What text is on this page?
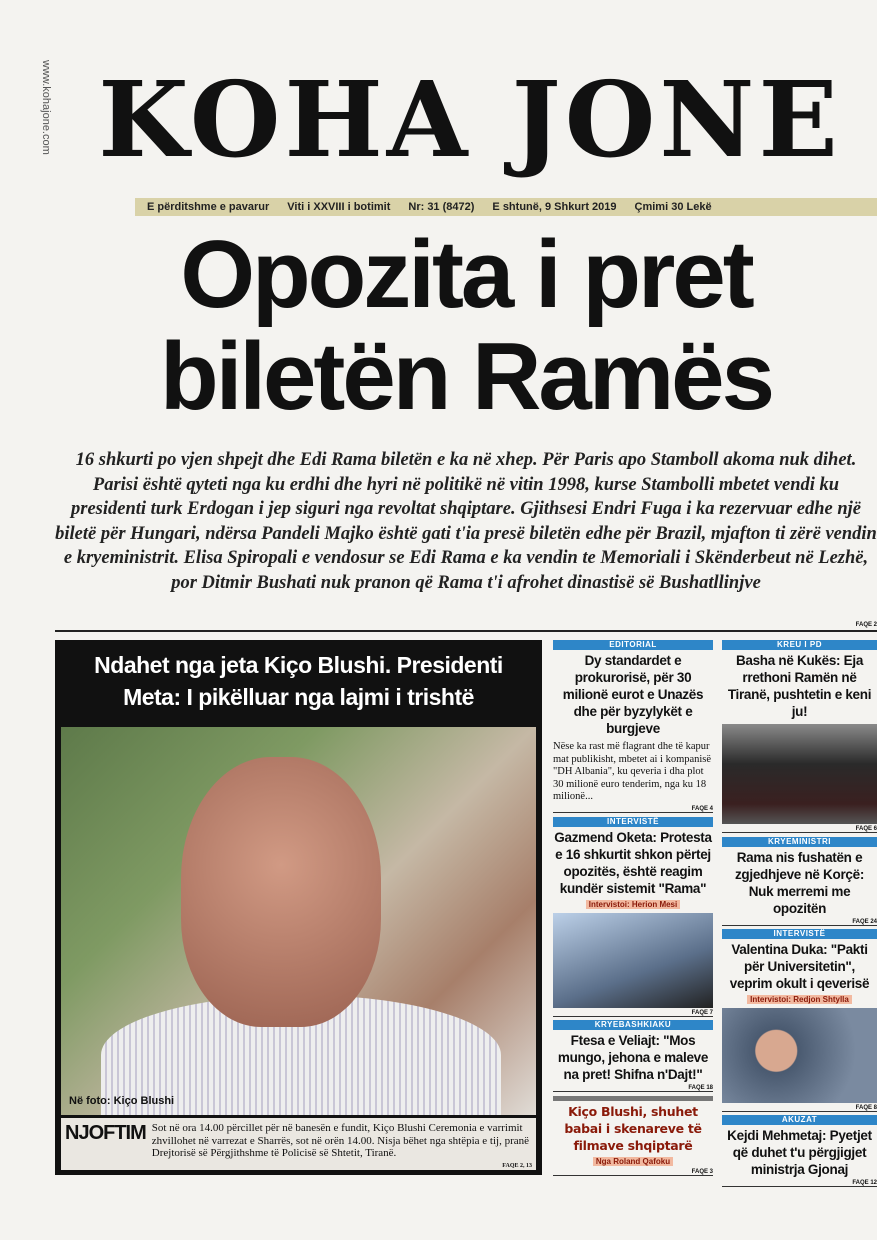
www.kohajone.com KOHA JONE
E përditshme e pavarur Viti i XXVIII i botimit Nr: 31 (8472) E shtunë, 9 Shkurt 2019 Çmimi 30 Lekë
Opozita i pret
biletën Ramës
16 shkurti po vjen shpejt dhe Edi Rama biletën e ka në xhep. Për Paris apo Stamboll akoma nuk dihet. Parisi është qyteti nga ku erdhi dhe hyri në politikë në vitin 1998, kurse Stambolli mbetet vendi ku presidenti turk Erdogan i jep siguri nga revoltat shqiptare. Gjithsesi Endri Fuga i ka rezervuar edhe një biletë për Hungari, ndërsa Pandeli Majko është gati t'ia presë biletën edhe për Brazil, mjafton ti zërë vendin e kryeministrit. Elisa Spiropali e vendosur se Edi Rama e ka vendin te Memoriali i Skënderbeut në Lezhë, por Ditmir Bushati nuk pranon që Rama t'i afrohet dinastisë së Bushatllinjve
FAQE 2
Ndahet nga jeta Kiço Blushi. Presidenti Meta: I pikëlluar nga lajmi i trishtë
Në foto: Kiço Blushi
NJOFTIM Sot në ora 14.00 përcillet për në banesën e fundit, Kiço Blushi Ceremonia e varrimit zhvillohet në varrezat e Sharrës, sot në orën 14.00. Nisja bëhet nga shtëpia e tij, pranë Drejtorisë së Përgjithshme të Policisë së Shtetit, Tiranë.
FAQE 2, 13
EDITORIAL
Dy standardet e prokurorisë, për 30 milionë eurot e Unazës dhe për byzylykët e burgjeve
Nëse ka rast më flagrant dhe të kapur mat publikisht, mbetet ai i kompanisë "DH Albania", ku qeveria i dha plot 30 milionë euro tenderim, nga ku 18 milionë...
FAQE 4
INTERVISTË
Gazmend Oketa: Protesta e 16 shkurtit shkon përtej opozitës, është reagim kundër sistemit "Rama"
Intervistoi: Herion Mesi
FAQE 7
KRYEBASHKIAKU
Ftesa e Veliajt: "Mos mungo, jehona e maleve na pret! Shifna n'Dajt!"
FAQE 18
Kiço Blushi, shuhet babai i skenareve të filmave shqiptarë
Nga Roland Qafoku
FAQE 3
KREU I PD
Basha në Kukës: Eja rrethoni Ramën në Tiranë, pushtetin e keni ju!
FAQE 6
KRYEMINISTRI
Rama nis fushatën e zgjedhjeve në Korçë: Nuk merremi me opozitën
FAQE 24
INTERVISTË
Valentina Duka: "Pakti për Universitetin", veprim okult i qeverisë
Intervistoi: Redjon Shtylla
FAQE 8
AKUZAT
Kejdi Mehmetaj: Pyetjet që duhet t'u përgjigjet ministrja Gjonaj
FAQE 12
